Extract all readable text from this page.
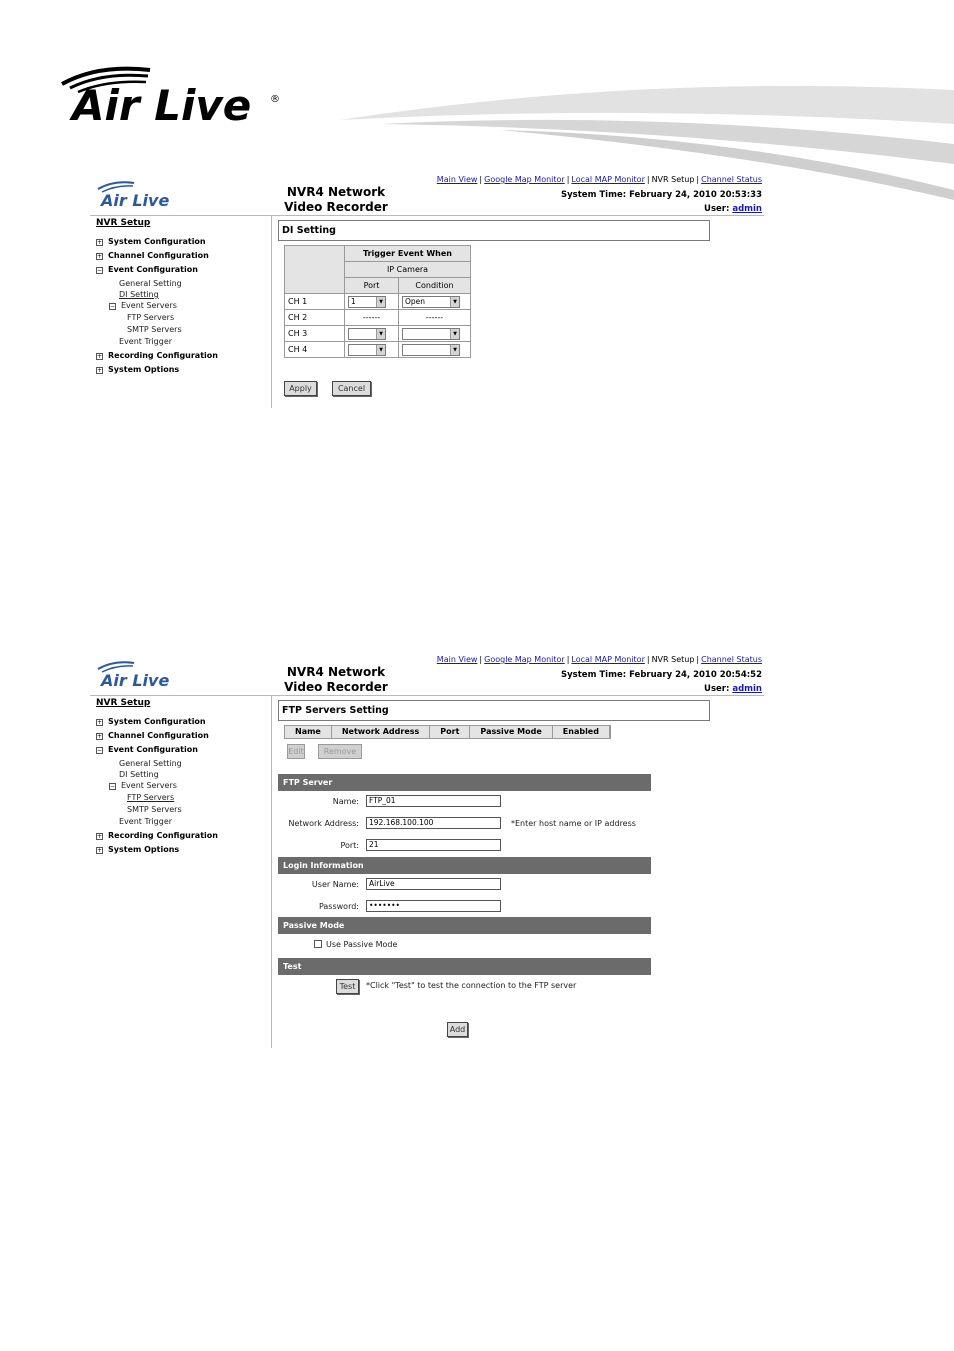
Air Live ®
Air Live	NVR4 Network
Video Recorder
Main View | Google Map Monitor | Local MAP Monitor | NVR Setup | Channel Status
System Time: February 24, 2010 20:53:33
User: admin
NVR Setup
+ System Configuration
+ Channel Configuration
− Event Configuration
General Setting
DI Setting
− Event Servers
FTP Servers
SMTP Servers
Event Trigger
+ Recording Configuration
+ System Options
DI Setting
	Trigger Event When	
	IP Camera	
	Port	Condition
CH 1	1 ▼	Open ▼

CH 2	------	------
CH 3	▼	▼

CH 4	▼	▼
Apply	Cancel
Air Live	NVR4 Network
Video Recorder
Main View | Google Map Monitor | Local MAP Monitor | NVR Setup | Channel Status
System Time: February 24, 2010 20:54:52
User: admin
NVR Setup
+ System Configuration
+ Channel Configuration
− Event Configuration
General Setting
DI Setting
− Event Servers
FTP Servers
SMTP Servers
Event Trigger
+ Recording Configuration
+ System Options
FTP Servers Setting
Name	Network Address	Port	Passive Mode	Enabled
Edit	Remove
FTP Server
Name:	FTP_01
Network Address:	192.168.100.100	*Enter host name or IP address
Port:	21
Login Information
User Name:	AirLive
Password:	•••••••
Passive Mode
Use Passive Mode
Test
Test	*Click "Test" to test the connection to the FTP server
Add
